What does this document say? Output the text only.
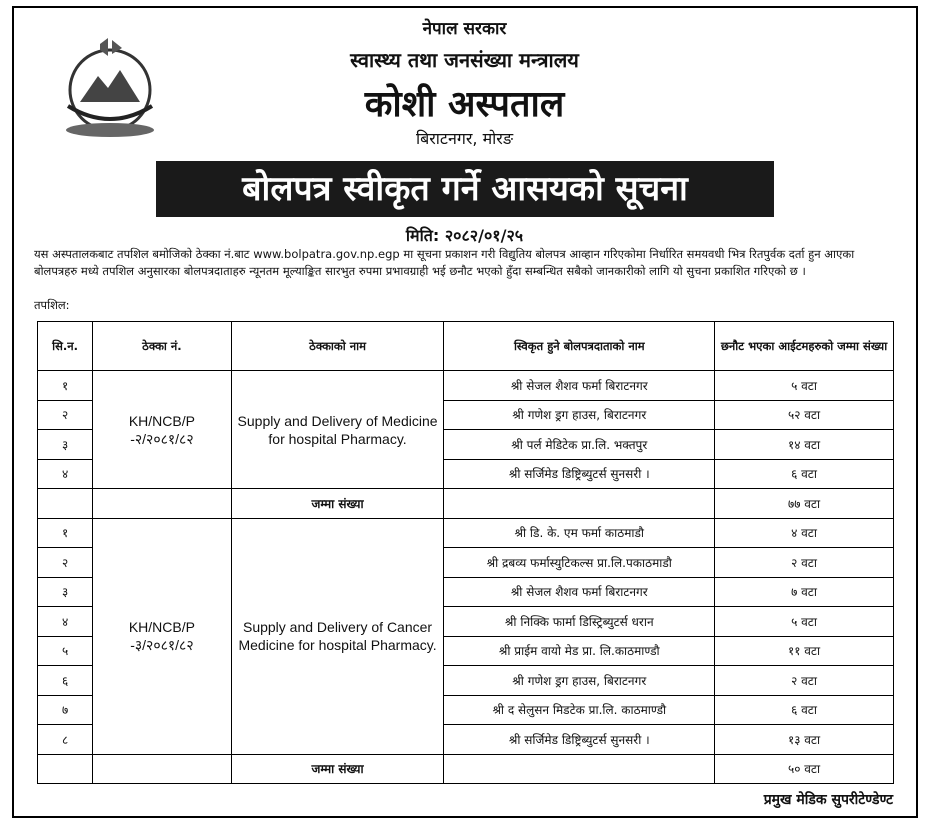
नेपाल सरकार
स्वास्थ्य तथा जनसंख्या मन्त्रालय
कोशी अस्पताल
बिराटनगर, मोरङ
बोलपत्र स्वीकृत गर्ने आसयको सूचना
मिति: २०८२/०१/२५
यस अस्पतालकबाट तपशिल बमोजिको ठेक्का नं.बाट www.bolpatra.gov.np.egp मा सूचना प्रकाशन गरी विद्युतिय बोलपत्र आव्हान गरिएकोमा निर्धारित समयवधी भित्र रितपुर्वक दर्ता हुन आएका बोलपत्रहरु मध्ये तपशिल अनुसारका बोलपत्रदाताहरु न्यूनतम मूल्याङ्कित सारभुत रुपमा प्रभावग्राही भई छनौट भएको हुँदा सम्बन्धित सबैको जानकारीको लागि यो सुचना प्रकाशित गरिएको छ ।
तपशिल:
सि.न.	ठेक्का नं.	ठेक्काको नाम	स्विकृत हुने बोलपत्रदाताको नाम	छनौट भएका आईटमहरुको जम्मा संख्या
१	KH/NCB/P -२/२०८१/८२	Supply and Delivery of Medicine for hospital Pharmacy.	श्री सेजल शैशव फर्मा बिराटनगर	५ वटा
२			श्री गणेश ड्रग हाउस, बिराटनगर	५२ वटा
३			श्री पर्ल मेडिटेक प्रा.लि. भक्तपुर	१४ वटा
४			श्री सर्जिमेड डिष्ट्रिब्युटर्स सुनसरी ।	६ वटा
		जम्मा संख्या		७७ वटा
१	KH/NCB/P -३/२०८१/८२	Supply and Delivery of Cancer Medicine for hospital Pharmacy.	श्री डि. के. एम फर्मा काठमाडौ	४ वटा
२			श्री द्रबव्य फर्मास्युटिकल्स प्रा.लि.पकाठमाडौ	२ वटा
३			श्री सेजल शैशव फर्मा बिराटनगर	७ वटा
४			श्री निक्कि फार्मा डिस्ट्रिब्युटर्स धरान	५ वटा
५			श्री प्राईम वायो मेड प्रा. लि.काठमाण्डौ	११ वटा
६			श्री गणेश ड्रग हाउस, बिराटनगर	२ वटा
७			श्री द सेलुसन मिडटेक प्रा.लि. काठमाण्डौ	६ वटा
८			श्री सर्जिमेड डिष्ट्रिब्युटर्स सुनसरी ।	१३ वटा
		जम्मा संख्या		५० वटा
प्रमुख मेडिक सुपरीटेण्डेण्ट
